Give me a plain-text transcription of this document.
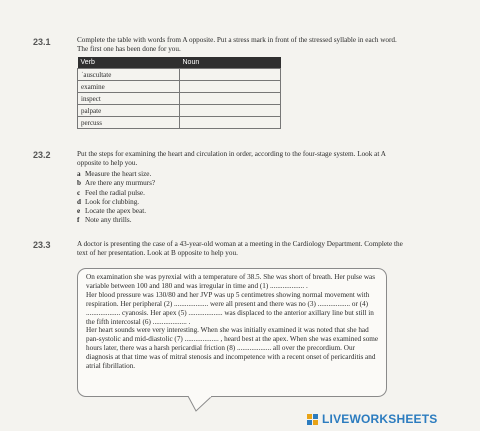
23.1	Complete the table with words from A opposite. Put a stress mark in front of the stressed syllable in each word. The first one has been done for you.
Verb	Noun
ˈauscultate	
examine	
inspect	
palpate	
percuss	
23.2	Put the steps for examining the heart and circulation in order, according to the four-stage system. Look at A opposite to help you.
a Measure the heart size.
b Are there any murmurs?
c Feel the radial pulse.
d Look for clubbing.
e Locate the apex beat.
f Note any thrills.
23.3	A doctor is presenting the case of a 43-year-old woman at a meeting in the Cardiology Department. Complete the text of her presentation. Look at B opposite to help you.
On examination she was pyrexial with a temperature of 38.5. She was short of breath. Her pulse was variable between 100 and 180 and was irregular in time and (1) ................... .
Her blood pressure was 130/80 and her JVP was up 5 centimetres showing normal movement with respiration. Her peripheral (2) ................... were all present and there was no (3) .................. or (4) ................... cyanosis. Her apex (5) ................... was displaced to the anterior axillary line but still in the fifth intercostal (6) ................... .
Her heart sounds were very interesting. When she was initially examined it was noted that she had pan-systolic and mid-diastolic (7) ................... , heard best at the apex. When she was examined some hours later, there was a harsh pericardial friction (8) ................... all over the precordium. Our diagnosis at that time was of mitral stenosis and incompetence with a recent onset of pericarditis and atrial fibrillation.
LIVEWORKSHEETS
